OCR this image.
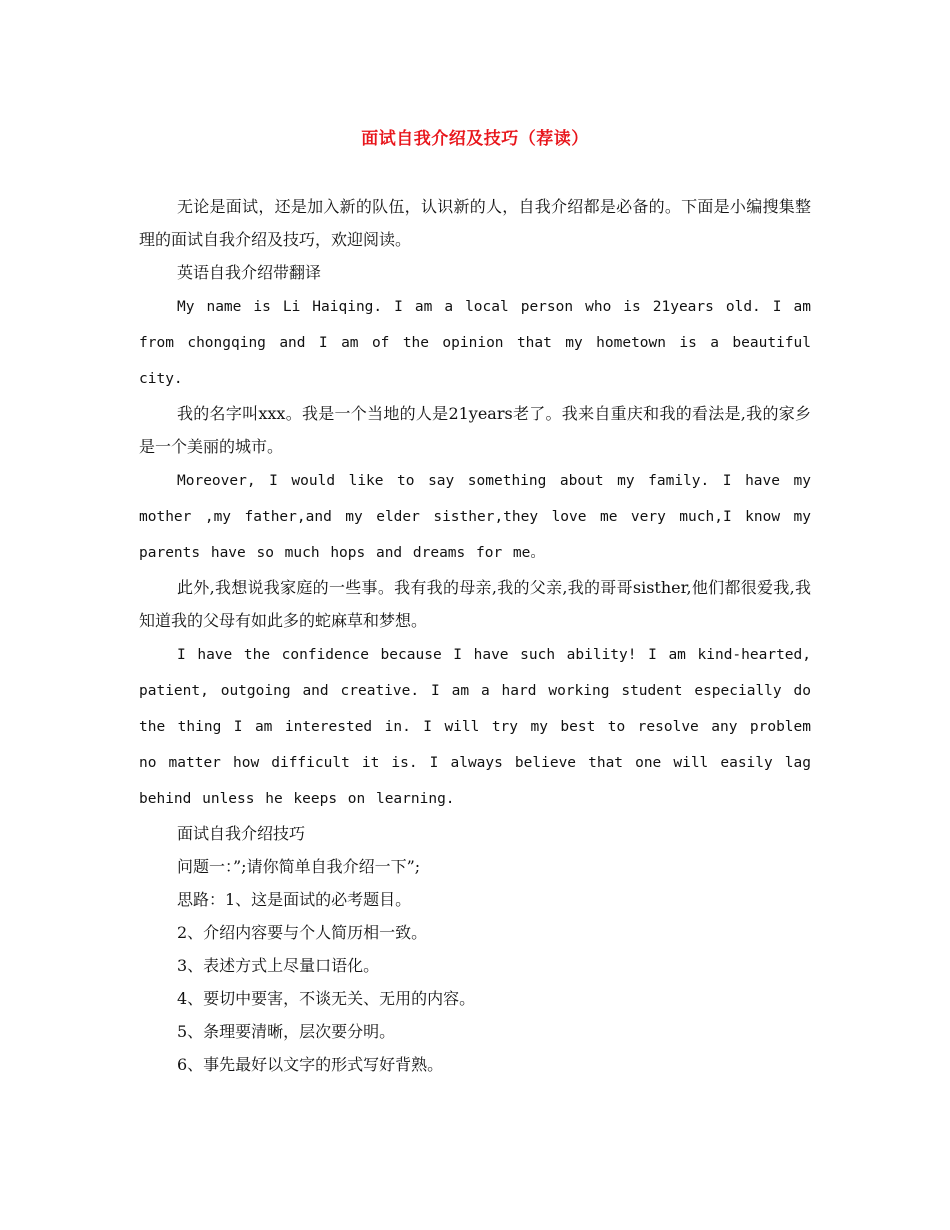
面试自我介绍及技巧（荐读）

无论是面试，还是加入新的队伍，认识新的人，自我介绍都是必备的。下面是小编搜集整理的面试自我介绍及技巧，欢迎阅读。

英语自我介绍带翻译

My name is Li Haiqing. I am a local person who is 21years old. I am from chongqing and I am of the opinion that my hometown is a beautiful city.

我的名字叫xxx。我是一个当地的人是21years老了。我来自重庆和我的看法是,我的家乡是一个美丽的城市。

Moreover, I would like to say something about my family. I have my mother ,my father,and my elder sisther,they love me very much,I know my parents have so much hops and dreams for me。

此外,我想说我家庭的一些事。我有我的母亲,我的父亲,我的哥哥sisther,他们都很爱我,我知道我的父母有如此多的蛇麻草和梦想。

I have the confidence because I have such ability! I am kind-hearted, patient, outgoing and creative. I am a hard working student especially do the thing I am interested in. I will try my best to resolve any problem no matter how difficult it is. I always believe that one will easily lag behind unless he keeps on learning.

面试自我介绍技巧

问题一：”;请你简单自我介绍一下”;

思路：1、这是面试的必考题目。

2、介绍内容要与个人简历相一致。

3、表述方式上尽量口语化。

4、要切中要害，不谈无关、无用的内容。

5、条理要清晰，层次要分明。

6、事先最好以文字的形式写好背熟。
